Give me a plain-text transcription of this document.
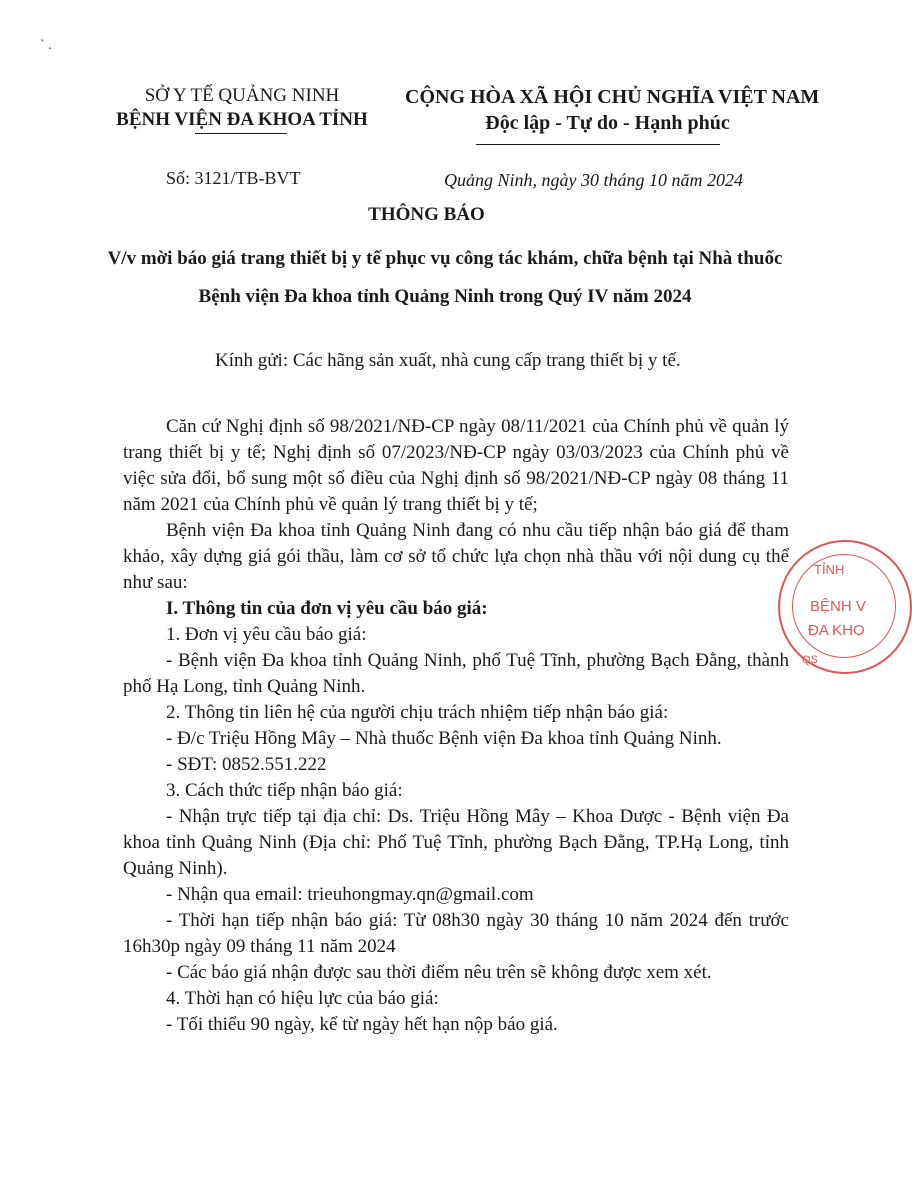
ˋ .
SỞ Y TẾ QUẢNG NINH
BỆNH VIỆN ĐA KHOA TỈNH
CỘNG HÒA XÃ HỘI CHỦ NGHĨA VIỆT NAM
Độc lập - Tự do - Hạnh phúc
Số: 3121/TB-BVT	Quảng Ninh, ngày 30 tháng 10 năm 2024
THÔNG BÁO
V/v mời báo giá trang thiết bị y tế phục vụ công tác khám, chữa bệnh tại Nhà thuốc Bệnh viện Đa khoa tỉnh Quảng Ninh trong Quý IV năm 2024
Kính gửi: Các hãng sản xuất, nhà cung cấp trang thiết bị y tế.

Căn cứ Nghị định số 98/2021/NĐ-CP ngày 08/11/2021 của Chính phủ về quản lý trang thiết bị y tế; Nghị định số 07/2023/NĐ-CP ngày 03/03/2023 của Chính phủ về việc sửa đổi, bổ sung một số điều của Nghị định số 98/2021/NĐ-CP ngày 08 tháng 11 năm 2021 của Chính phủ về quản lý trang thiết bị y tế;

Bệnh viện Đa khoa tỉnh Quảng Ninh đang có nhu cầu tiếp nhận báo giá để tham khảo, xây dựng giá gói thầu, làm cơ sở tổ chức lựa chọn nhà thầu với nội dung cụ thể như sau:

I. Thông tin của đơn vị yêu cầu báo giá:

1. Đơn vị yêu cầu báo giá:

- Bệnh viện Đa khoa tỉnh Quảng Ninh, phố Tuệ Tĩnh, phường Bạch Đằng, thành phố Hạ Long, tỉnh Quảng Ninh.

2. Thông tin liên hệ của người chịu trách nhiệm tiếp nhận báo giá:

- Đ/c Triệu Hồng Mây – Nhà thuốc Bệnh viện Đa khoa tỉnh Quảng Ninh.

- SĐT: 0852.551.222

3. Cách thức tiếp nhận báo giá:

- Nhận trực tiếp tại địa chỉ: Ds. Triệu Hồng Mây – Khoa Dược - Bệnh viện Đa khoa tỉnh Quảng Ninh (Địa chỉ: Phố Tuệ Tĩnh, phường Bạch Đằng, TP.Hạ Long, tỉnh Quảng Ninh).

- Nhận qua email: trieuhongmay.qn@gmail.com

- Thời hạn tiếp nhận báo giá: Từ 08h30 ngày 30 tháng 10 năm 2024 đến trước 16h30p ngày 09 tháng 11 năm 2024

- Các báo giá nhận được sau thời điểm nêu trên sẽ không được xem xét.

4. Thời hạn có hiệu lực của báo giá:

- Tối thiểu 90 ngày, kể từ ngày hết hạn nộp báo giá.

TỈNH
BỆNH V
ĐA KHO
QS
